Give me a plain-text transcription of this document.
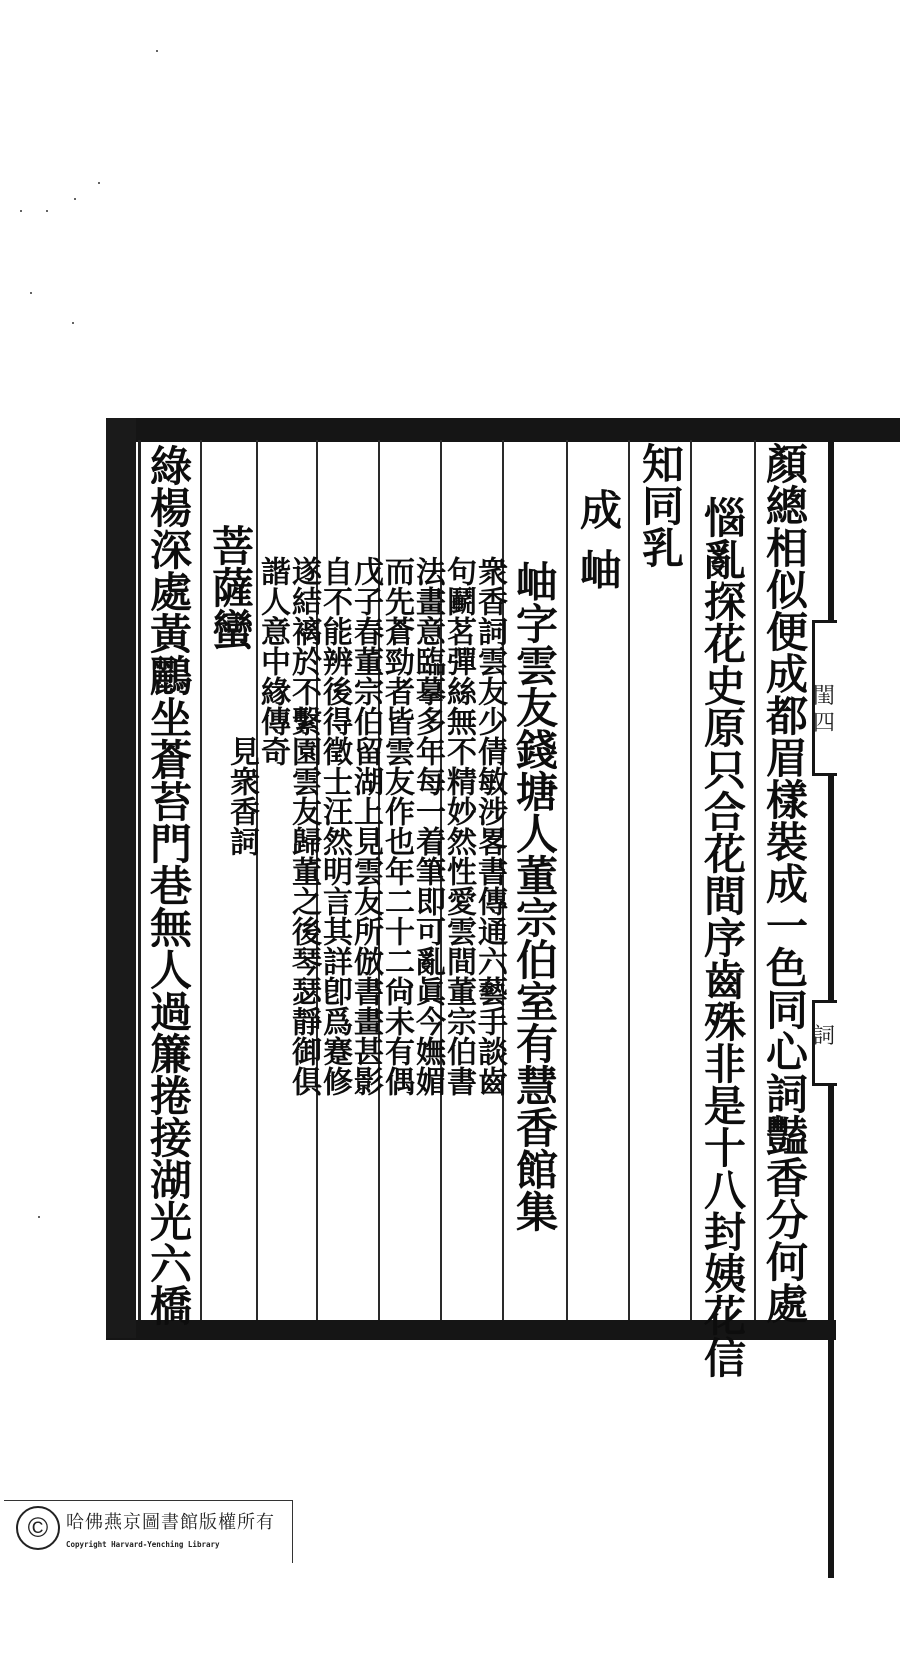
閨
四
詞
顏總相似便成都眉樣裝成一色同心詞豔香分何處
惱亂探花史原只合花間序齒殊非是十八封姨花信
知同乳
成岫
岫字雲友錢塘人董宗伯室有慧香館集
衆香詞雲友少倩敏涉畧書傳通六藝手談齒
句鬬茗彈絲無不精妙然性愛雲間董宗伯書
法畫意臨摹多年每一着筆即可亂眞今嫵媚
而先蒼勁者皆雲友作也年二十二尙未有偶
戊子春董宗伯留湖上見雲友所倣書畫甚影
自不能辨後得徵士汪然明言其詳卽爲蹇修
遂結褵於不繫園雲友歸董之後琴瑟靜御俱
諧人意中緣傳奇
菩薩蠻
見衆香詞
綠楊深處黃鸝坐蒼苔門巷無人過簾捲接湖光六橋
© 哈佛燕京圖書館版權所有
Copyright Harvard-Yenching Library
